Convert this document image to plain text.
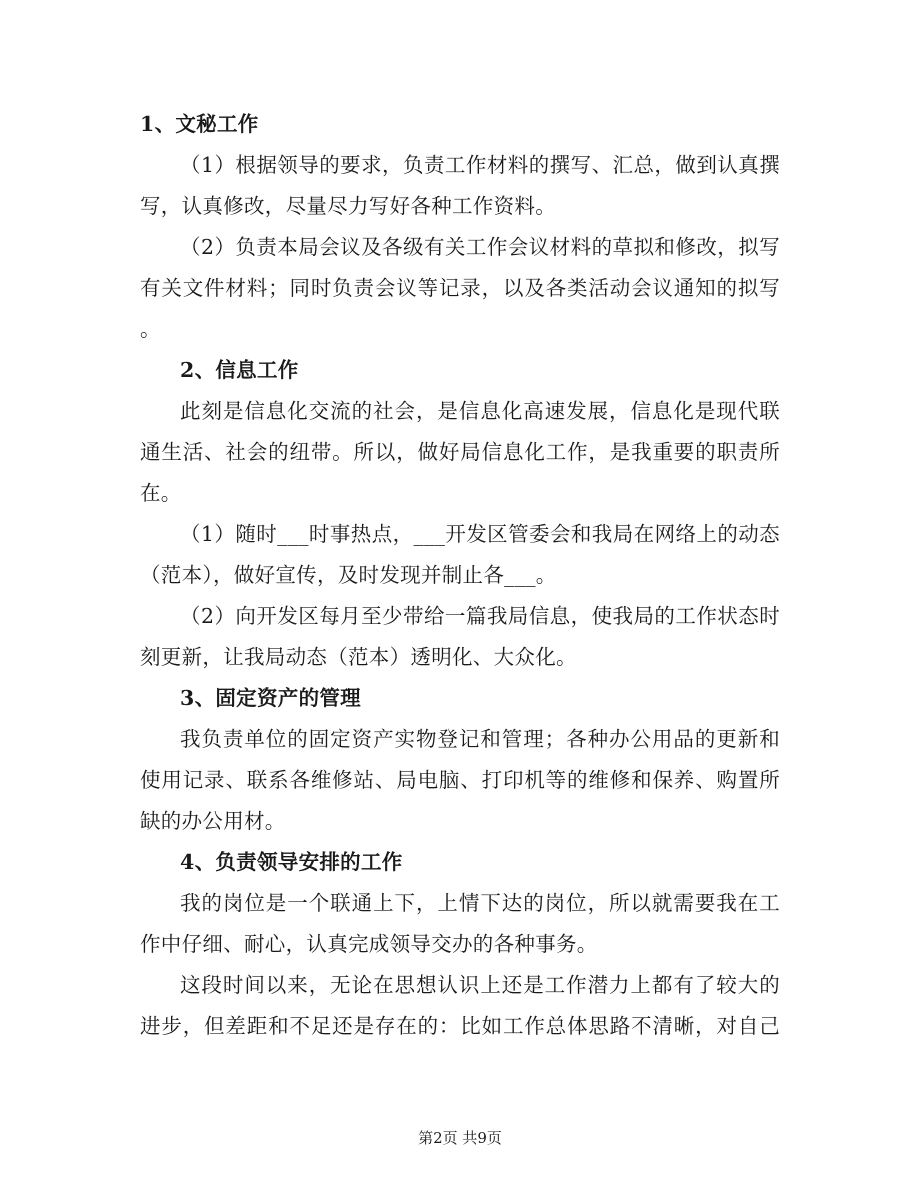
1、文秘工作
（1）根据领导的要求，负责工作材料的撰写、汇总，做到认真撰
写，认真修改，尽量尽力写好各种工作资料。
（2）负责本局会议及各级有关工作会议材料的草拟和修改，拟写
有关文件材料；同时负责会议等记录，以及各类活动会议通知的拟写
。
2、信息工作
此刻是信息化交流的社会，是信息化高速发展，信息化是现代联
通生活、社会的纽带。所以，做好局信息化工作，是我重要的职责所
在。
（1）随时___时事热点，___开发区管委会和我局在网络上的动态
（范本），做好宣传，及时发现并制止各___。
（2）向开发区每月至少带给一篇我局信息，使我局的工作状态时
刻更新，让我局动态（范本）透明化、大众化。
3、固定资产的管理
我负责单位的固定资产实物登记和管理；各种办公用品的更新和
使用记录、联系各维修站、局电脑、打印机等的维修和保养、购置所
缺的办公用材。
4、负责领导安排的工作
我的岗位是一个联通上下，上情下达的岗位，所以就需要我在工
作中仔细、耐心，认真完成领导交办的各种事务。
这段时间以来，无论在思想认识上还是工作潜力上都有了较大的
进步，但差距和不足还是存在的：比如工作总体思路不清晰，对自己
第2页 共9页
